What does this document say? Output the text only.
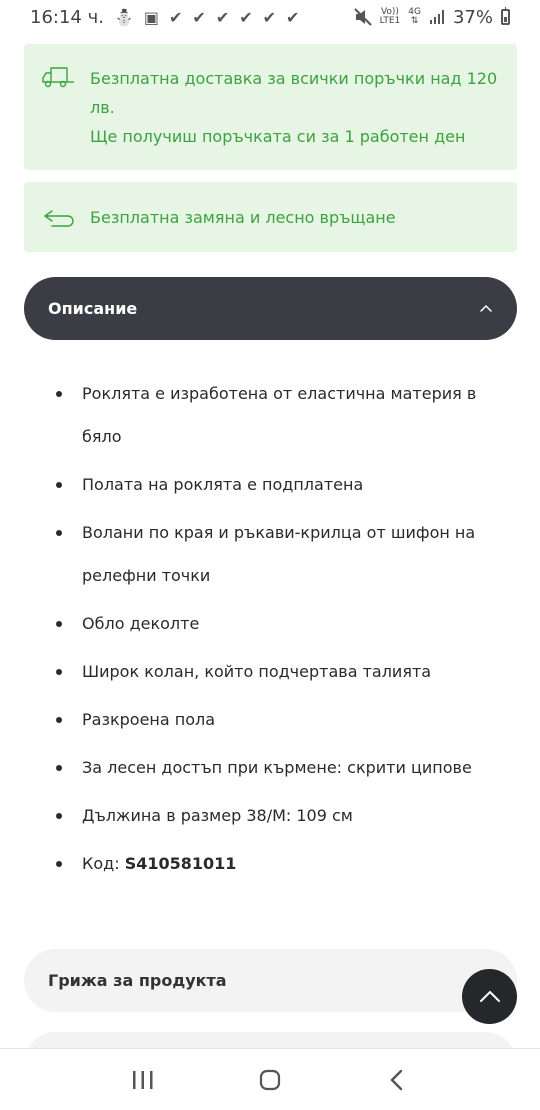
16:14 ч. ⛄ ▣ ✔ ✔ ✔ ✔ ✔ ✔	Vo))
LTE1
4G
⇅ 37%

Безплатна доставка за всички поръчки над 120 лв.

Ще получиш поръчката си за 1 работен ден

Безплатна замяна и лесно връщане

Описание
Роклята е изработена от еластична материя в бяло
Полата на роклята е подплатена
Волани по края и ръкави-крилца от шифон на релефни точки
Обло деколте
Широк колан, който подчертава талията
Разкроена пола
За лесен достъп при кърмене: скрити ципове
Дължина в размер 38/M: 109 см
Код: S410581011
Грижа за продукта
